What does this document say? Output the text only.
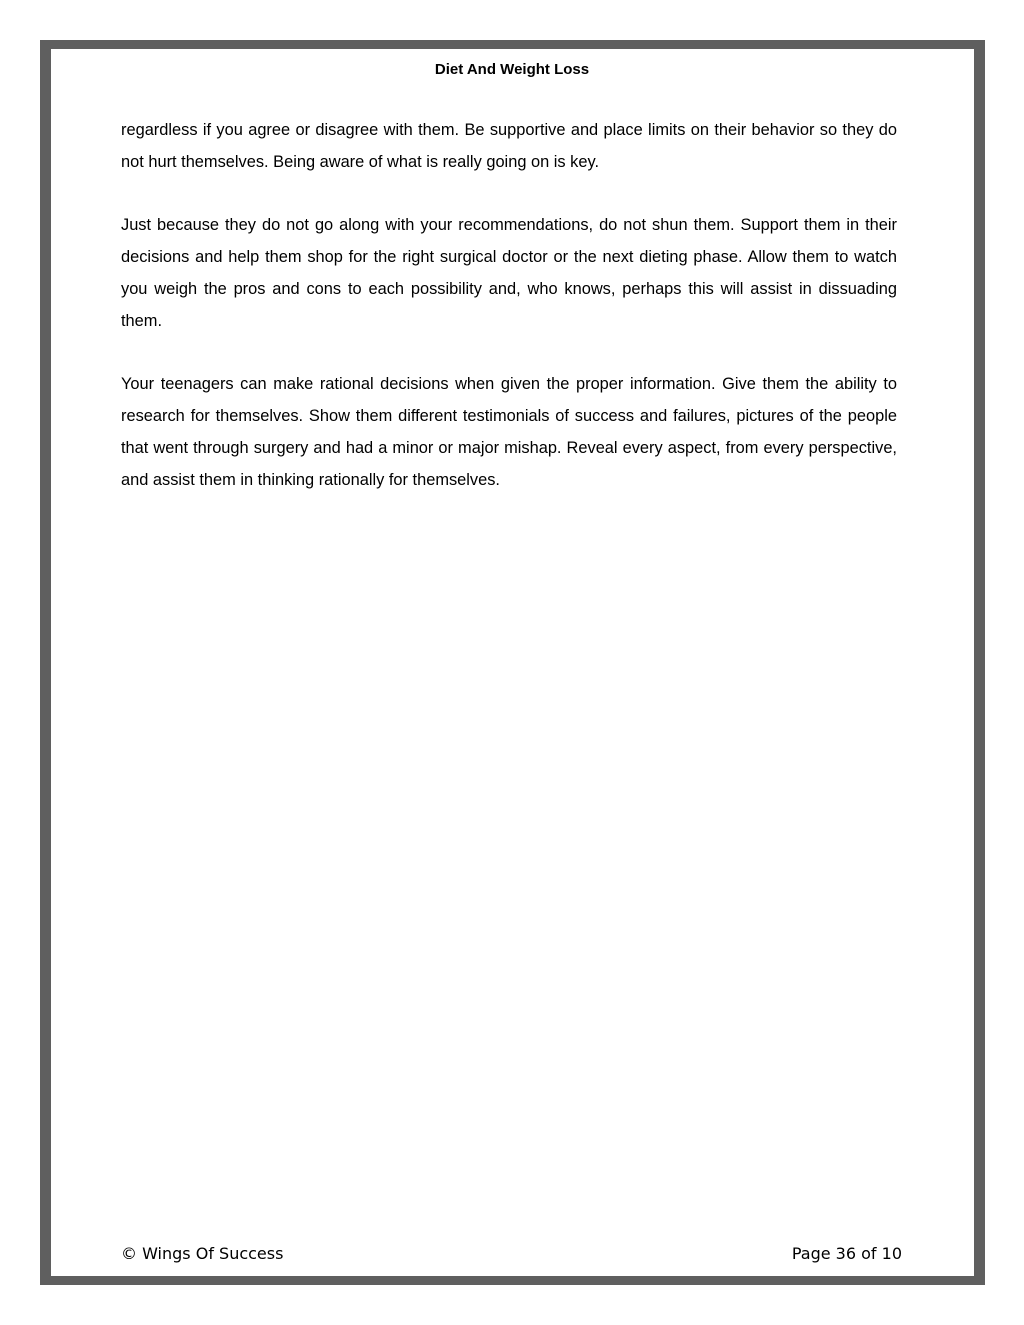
Diet And Weight Loss

regardless if you agree or disagree with them. Be supportive and place limits on their behavior so they do not hurt themselves. Being aware of what is really going on is key.

Just because they do not go along with your recommendations, do not shun them. Support them in their decisions and help them shop for the right surgical doctor or the next dieting phase. Allow them to watch you weigh the pros and cons to each possibility and, who knows, perhaps this will assist in dissuading them.

Your teenagers can make rational decisions when given the proper information. Give them the ability to research for themselves. Show them different testimonials of success and failures, pictures of the people that went through surgery and had a minor or major mishap. Reveal every aspect, from every perspective, and assist them in thinking rationally for themselves.

© Wings Of Success	Page 36 of 10
